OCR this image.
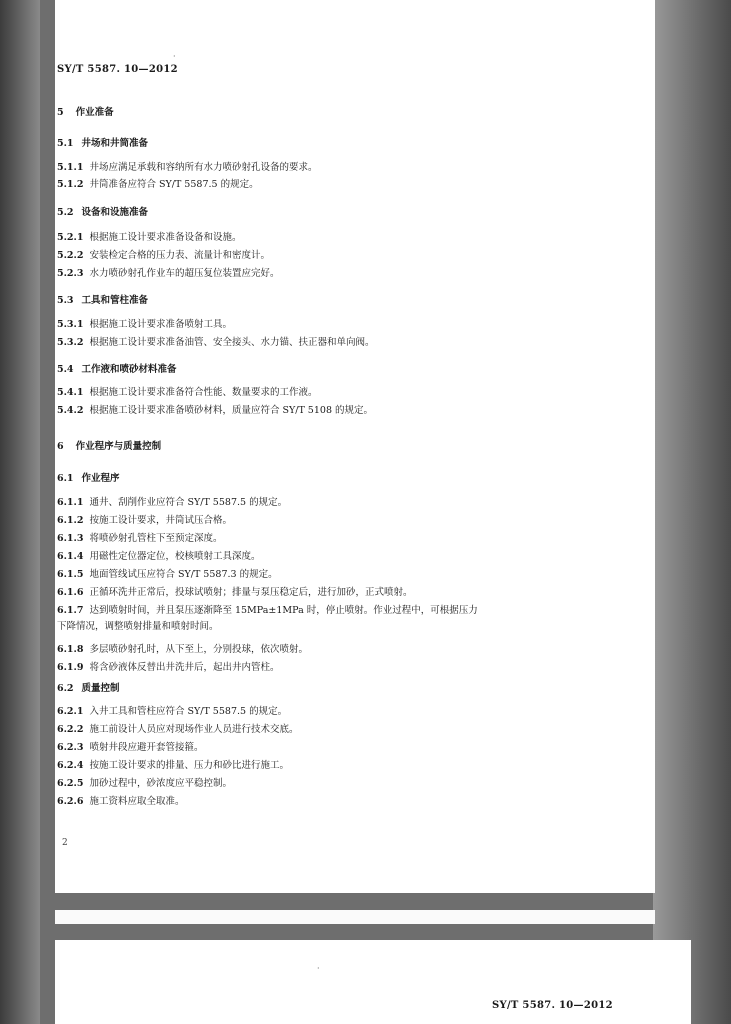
·
SY/T 5587. 10—2012
·
SY/T 5587. 10—2012
5 作业准备
5.1 井场和井筒准备
5.1.1 井场应满足承载和容纳所有水力喷砂射孔设备的要求。
5.1.2 井筒准备应符合 SY/T 5587.5 的规定。
5.2 设备和设施准备
5.2.1 根据施工设计要求准备设备和设施。
5.2.2 安装检定合格的压力表、流量计和密度计。
5.2.3 水力喷砂射孔作业车的超压复位装置应完好。
5.3 工具和管柱准备
5.3.1 根据施工设计要求准备喷射工具。
5.3.2 根据施工设计要求准备油管、安全接头、水力锚、扶正器和单向阀。
5.4 工作液和喷砂材料准备
5.4.1 根据施工设计要求准备符合性能、数量要求的工作液。
5.4.2 根据施工设计要求准备喷砂材料，质量应符合 SY/T 5108 的规定。
6 作业程序与质量控制
6.1 作业程序
6.1.1 通井、刮削作业应符合 SY/T 5587.5 的规定。
6.1.2 按施工设计要求，井筒试压合格。
6.1.3 将喷砂射孔管柱下至预定深度。
6.1.4 用磁性定位器定位，校核喷射工具深度。
6.1.5 地面管线试压应符合 SY/T 5587.3 的规定。
6.1.6 正循环洗井正常后，投球试喷射；排量与泵压稳定后，进行加砂，正式喷射。
6.1.7 达到喷射时间，并且泵压逐渐降至 15MPa±1MPa 时，停止喷射。作业过程中，可根据压力
下降情况，调整喷射排量和喷射时间。
6.1.8 多层喷砂射孔时，从下至上，分别投球，依次喷射。
6.1.9 将含砂液体反替出井洗井后，起出井内管柱。
6.2 质量控制
6.2.1 入井工具和管柱应符合 SY/T 5587.5 的规定。
6.2.2 施工前设计人员应对现场作业人员进行技术交底。
6.2.3 喷射井段应避开套管接箍。
6.2.4 按施工设计要求的排量、压力和砂比进行施工。
6.2.5 加砂过程中，砂浓度应平稳控制。
6.2.6 施工资料应取全取准。
2
